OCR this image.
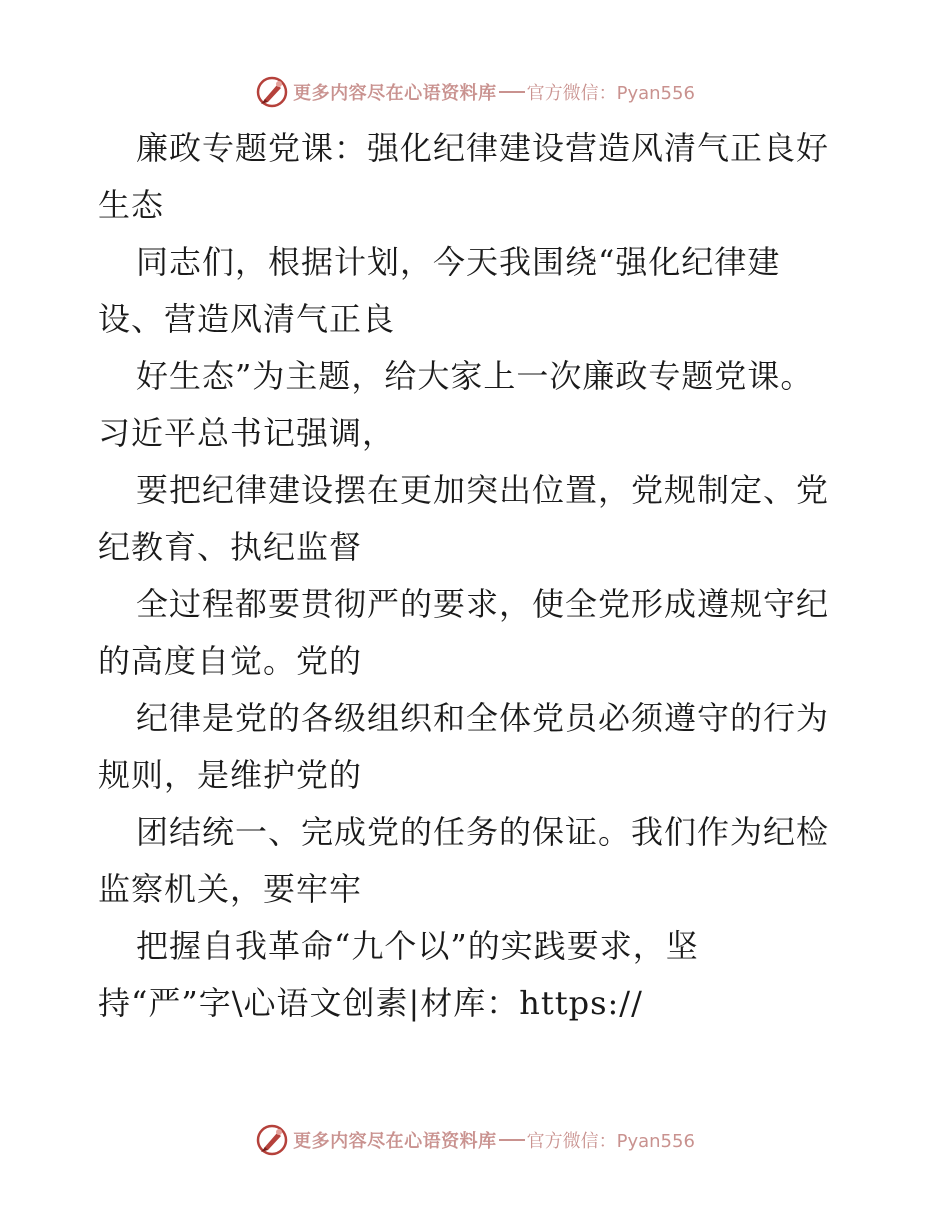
更多内容尽在心语资料库 官方微信：Pyan556

廉政专题党课：强化纪律建设营造风清气正良好
生态

同志们，根据计划，今天我围绕“强化纪律建
设、营造风清气正良

好生态”为主题，给大家上一次廉政专题党课。
习近平总书记强调，

要把纪律建设摆在更加突出位置，党规制定、党
纪教育、执纪监督

全过程都要贯彻严的要求，使全党形成遵规守纪
的高度自觉。党的

纪律是党的各级组织和全体党员必须遵守的行为
规则，是维护党的

团结统一、完成党的任务的保证。我们作为纪检
监察机关，要牢牢

把握自我革命“九个以”的实践要求，坚
持“严”字\心语文创素|材库：https://

更多内容尽在心语资料库 官方微信：Pyan556
